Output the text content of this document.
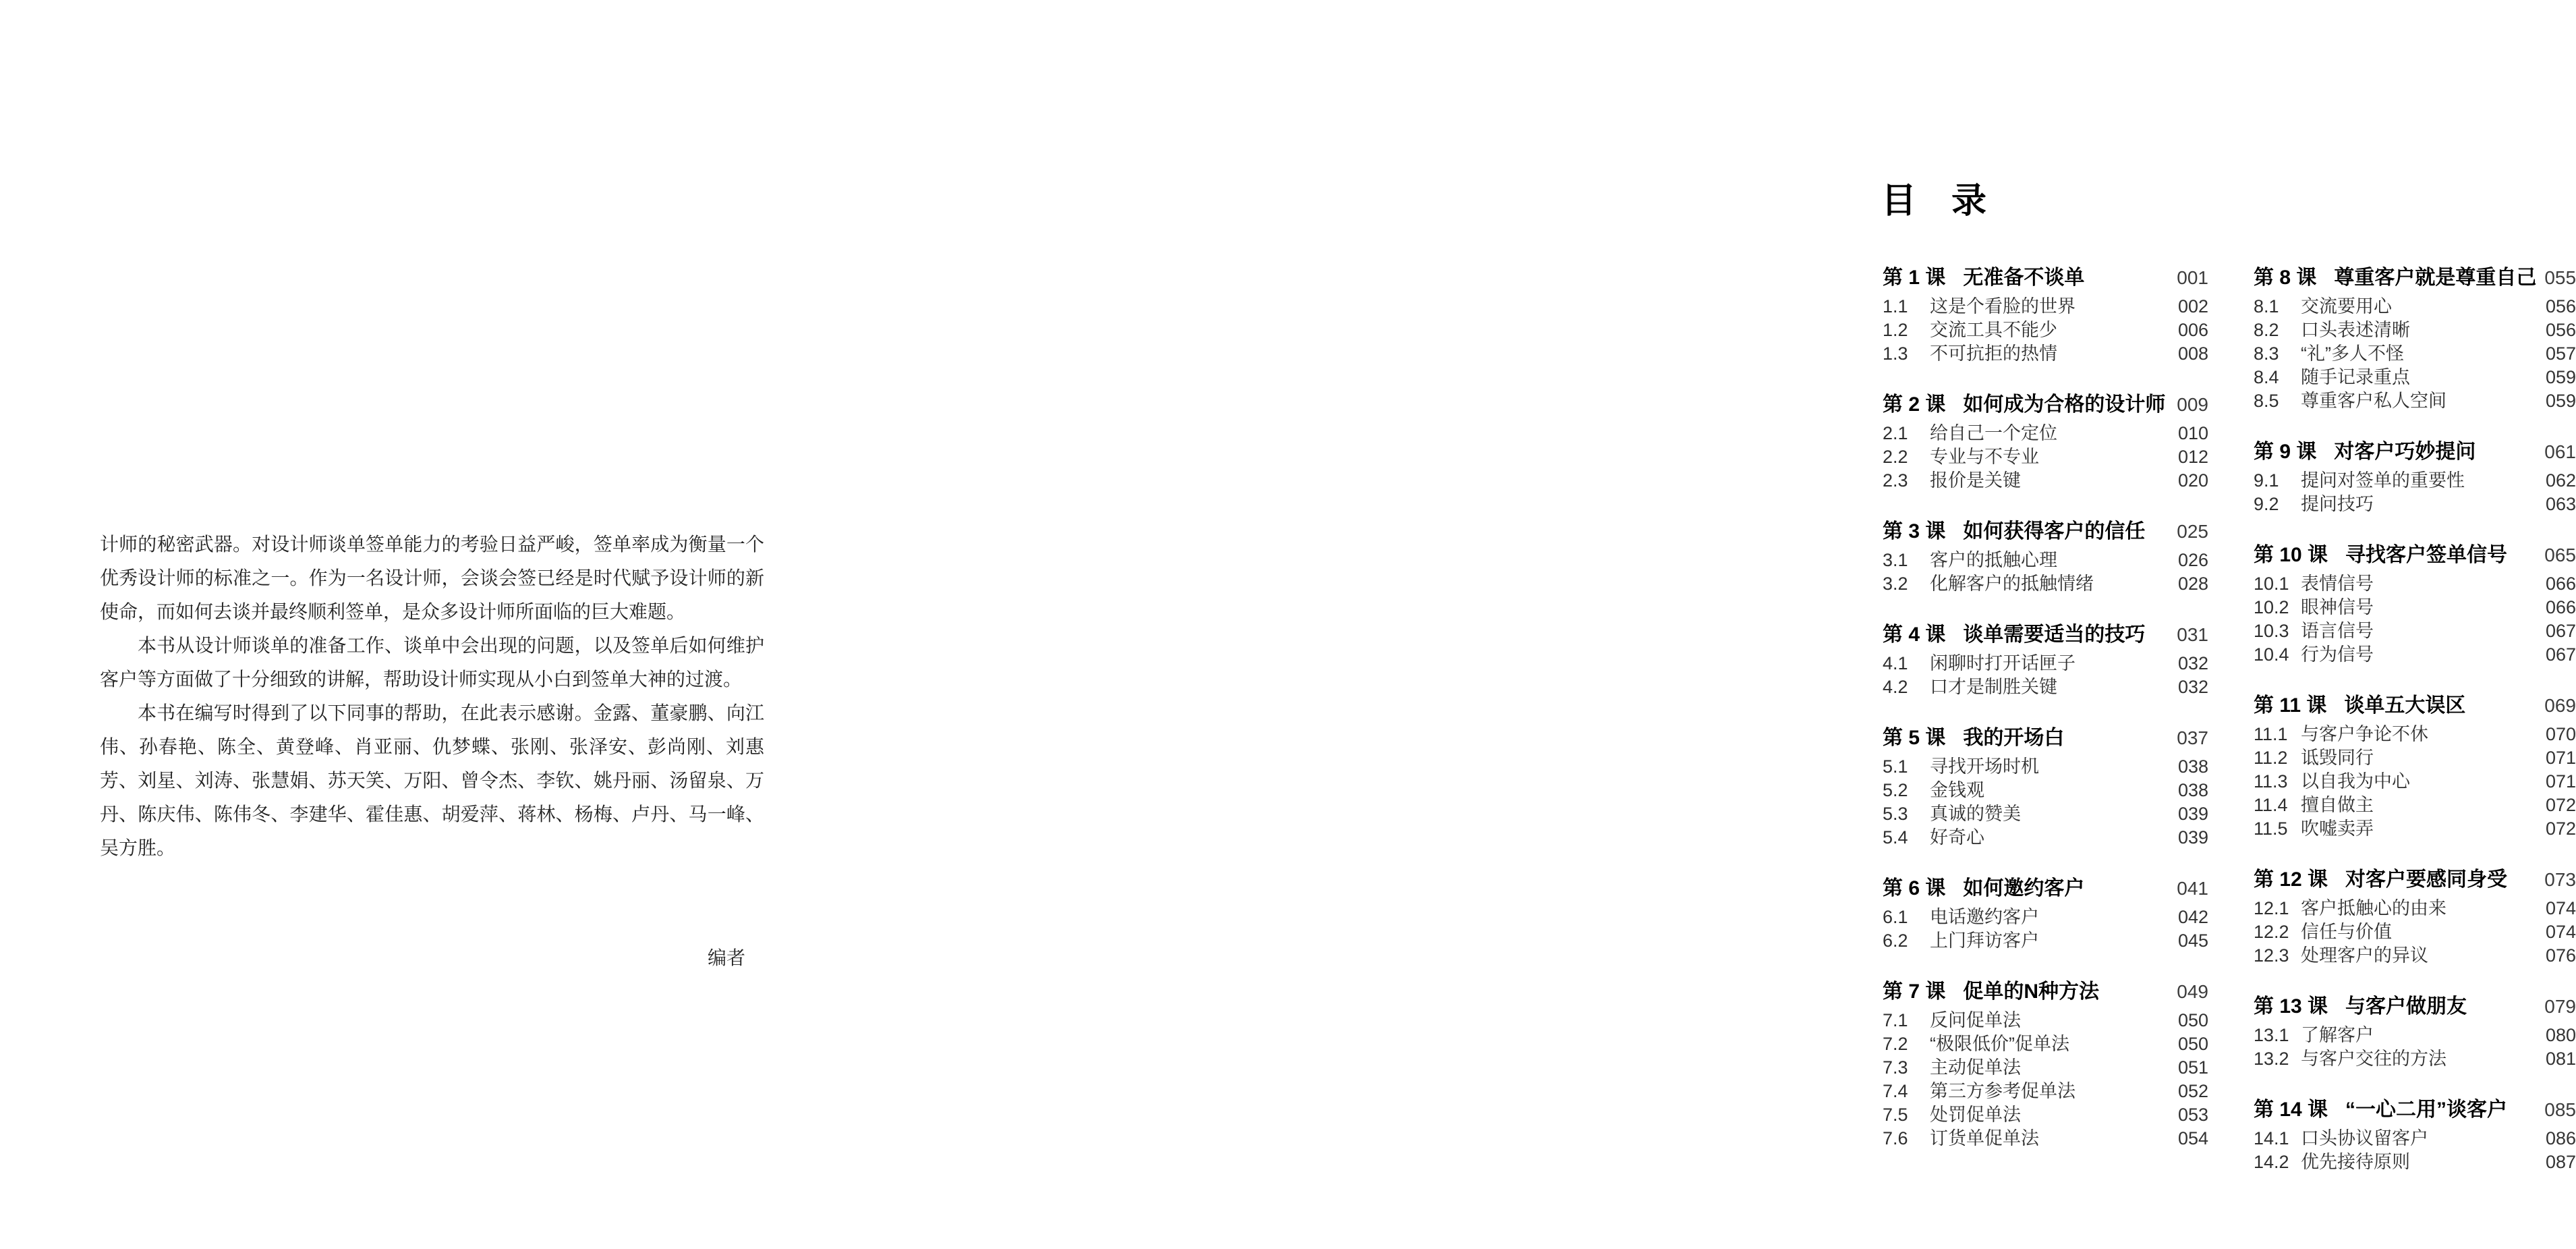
计师的秘密武器。对设计师谈单签单能力的考验日益严峻，签单率成为衡量一个优秀设计师的标准之一。作为一名设计师，会谈会签已经是时代赋予设计师的新使命，而如何去谈并最终顺利签单，是众多设计师所面临的巨大难题。

本书从设计师谈单的准备工作、谈单中会出现的问题，以及签单后如何维护客户等方面做了十分细致的讲解，帮助设计师实现从小白到签单大神的过渡。

本书在编写时得到了以下同事的帮助，在此表示感谢。金露、董豪鹏、向江伟、孙春艳、陈全、黄登峰、肖亚丽、仇梦蝶、张刚、张泽安、彭尚刚、刘惠芳、刘星、刘涛、张慧娟、苏天笑、万阳、曾令杰、李钦、姚丹丽、汤留泉、万丹、陈庆伟、陈伟冬、李建华、霍佳惠、胡爱萍、蒋林、杨梅、卢丹、马一峰、吴方胜。

编者
目　录
第 1 课 无准备不谈单	001
1.1	这是个看脸的世界	002
1.2	交流工具不能少	006
1.3	不可抗拒的热情	008
第 2 课 如何成为合格的设计师 009
2.1	给自己一个定位	010
2.2	专业与不专业	012
2.3	报价是关键	020
第 3 课 如何获得客户的信任	025
3.1	客户的抵触心理	026
3.2	化解客户的抵触情绪	028
第 4 课 谈单需要适当的技巧	031
4.1	闲聊时打开话匣子	032
4.2	口才是制胜关键	032
第 5 课 我的开场白	037
5.1	寻找开场时机	038
5.2	金钱观	038
5.3	真诚的赞美	039
5.4	好奇心	039
第 6 课 如何邀约客户	041
6.1	电话邀约客户	042
6.2	上门拜访客户	045
第 7 课 促单的N种方法	049
7.1	反问促单法	050
7.2	“极限低价”促单法	050
7.3	主动促单法	051
7.4	第三方参考促单法	052
7.5	处罚促单法	053
7.6	订货单促单法	054
第 8 课 尊重客户就是尊重自己 055
8.1	交流要用心	056
8.2	口头表述清晰	056
8.3	“礼”多人不怪	057
8.4	随手记录重点	059
8.5	尊重客户私人空间	059
第 9 课 对客户巧妙提问	061
9.1	提问对签单的重要性	062
9.2	提问技巧	063
第 10 课 寻找客户签单信号	065
10.1 表情信号	066
10.2 眼神信号	066
10.3 语言信号	067
10.4 行为信号	067
第 11 课 谈单五大误区	069
11.1 与客户争论不休	070
11.2 诋毁同行	071
11.3 以自我为中心	071
11.4 擅自做主	072
11.5 吹嘘卖弄	072
第 12 课 对客户要感同身受	073
12.1 客户抵触心的由来	074
12.2 信任与价值	074
12.3 处理客户的异议	076
第 13 课 与客户做朋友	079
13.1 了解客户	080
13.2 与客户交往的方法	081
第 14 课 “一心二用”谈客户	085
14.1 口头协议留客户	086
14.2 优先接待原则	087
